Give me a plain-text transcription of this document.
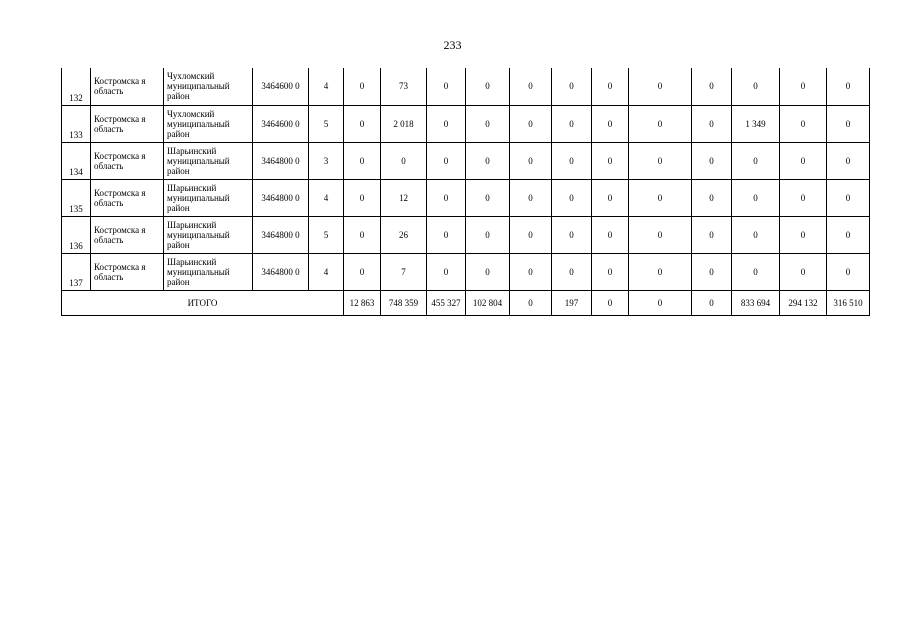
233
132	Костромска я область	Чухломский муниципальный район	3464600 0	4	0	73	0	0	0	0	0	0	0	0	0	0
133	Костромска я область	Чухломский муниципальный район	3464600 0	5	0	2 018	0	0	0	0	0	0	0	1 349	0	0
134	Костромска я область	Шарьинский муниципальный район	3464800 0	3	0	0	0	0	0	0	0	0	0	0	0	0
135	Костромска я область	Шарьинский муниципальный район	3464800 0	4	0	12	0	0	0	0	0	0	0	0	0	0
136	Костромска я область	Шарьинский муниципальный район	3464800 0	5	0	26	0	0	0	0	0	0	0	0	0	0
137	Костромска я область	Шарьинский муниципальный район	3464800 0	4	0	7	0	0	0	0	0	0	0	0	0	0
ИТОГО					12 863	748 359	455 327	102 804	0	197	0	0	0	833 694	294 132	316 510
